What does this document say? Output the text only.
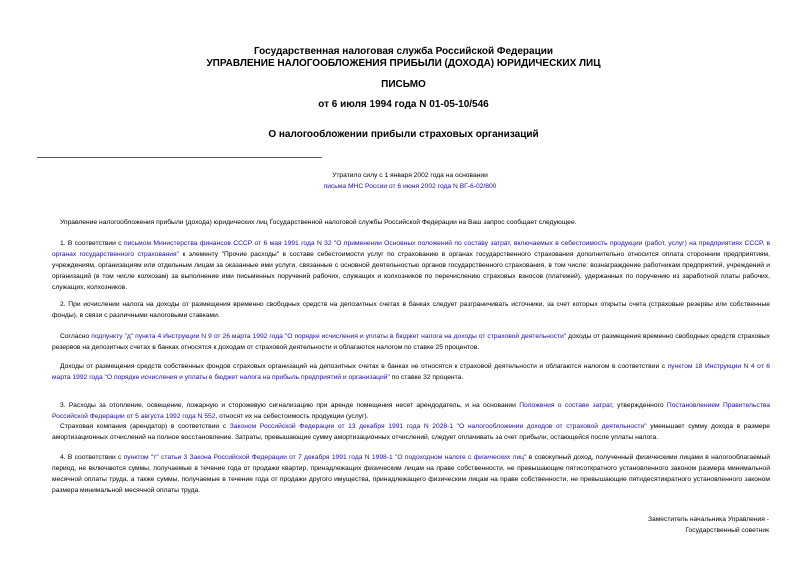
Государственная налоговая служба Российской Федерации
УПРАВЛЕНИЕ НАЛОГООБЛОЖЕНИЯ ПРИБЫЛИ (ДОХОДА) ЮРИДИЧЕСКИХ ЛИЦ
ПИСЬМО
от 6 июля 1994 года N 01-05-10/546
О налогообложении прибыли страховых организаций
Утратило силу с 1 января 2002 года на основании
письма МНС России от 6 июня 2002 года N ВГ-6-02/800
Управление налогообложения прибыли (дохода) юридических лиц Государственной налоговой службы Российской Федерации на Ваш запрос сообщает следующее.
1. В соответствии с письмом Министерства финансов СССР от 6 мая 1991 года N 32 "О применении Основных положений по составу затрат, включаемых в себестоимость продукции (работ, услуг) на предприятиях СССР, в органах государственного страхования" к элементу "Прочие расходы" в составе себестоимости услуг по страхованию в органах государственного страхования дополнительно относится оплата сторонним предприятиям, учреждениям, организациям или отдельным лицам за оказанные ими услуги, связанные с основной деятельностью органов государственного страхования, в том числе: вознаграждение работникам предприятий, учреждений и организаций (в том числе колхозам) за выполнение ими письменных поручений рабочих, служащих и колхозников по перечислению страховых взносов (платежей), удержанных по поручению из заработной платы рабочих, служащих, колхозников.
2. При исчислении налога на доходы от размещения временно свободных средств на депозитных счетах в банках следует разграничивать источники, за счет которых открыты счета (страховые резервы или собственные фонды), в связи с различными налоговыми ставками.
Согласно подпункту "д" пункта 4 Инструкции N 9 от 26 марта 1992 года "О порядке исчисления и уплаты в бюджет налога на доходы от страховой деятельности" доходы от размещения временно свободных средств страховых резервов на депозитных счетах в банках относятся к доходам от страховой деятельности и облагаются налогом по ставке 25 процентов.
Доходы от размещения средств собственных фондов страховых организаций на депозитных счетах в банках не относятся к страховой деятельности и облагаются налогом в соответствии с пунктом 18 Инструкции N 4 от 6 марта 1992 года "О порядке исчисления и уплаты в бюджет налога на прибыль предприятий и организаций" по ставке 32 процента.
3. Расходы за отопление, освещение, пожарную и сторожевую сигнализацию при аренде помещения несет арендодатель, и на основании Положения о составе затрат, утвержденного Постановлением Правительства Российской Федерации от 5 августа 1992 года N 552, относят их на себестоимость продукции (услуг).
Страховая компания (арендатор) в соответствии с Законом Российской Федерации от 13 декабря 1991 года N 2028-1 "О налогообложении доходов от страховой деятельности" уменьшает сумму дохода в размере амортизационных отчислений на полное восстановление. Затраты, превышающие сумму амортизационных отчислений, следует оплачивать за счет прибыли, остающейся после уплаты налога.
4. В соответствии с пунктом "т" статьи 3 Закона Российской Федерации от 7 декабря 1991 года N 1998-1 "О подоходном налоге с физических лиц" в совокупный доход, полученный физическими лицами в налогооблагаемый период, не включаются суммы, получаемые в течение года от продажи квартир, принадлежащих физическим лицам на праве собственности, не превышающие пятисоткратного установленного законом размера минимальной месячной оплаты труда, а также суммы, получаемые в течение года от продажи другого имущества, принадлежащего физическим лицам на праве собственности, не превышающие пятидесятикратного установленного законом размера минимальной месячной оплаты труда.
Заместитель начальника Управления -
Государственный советник
